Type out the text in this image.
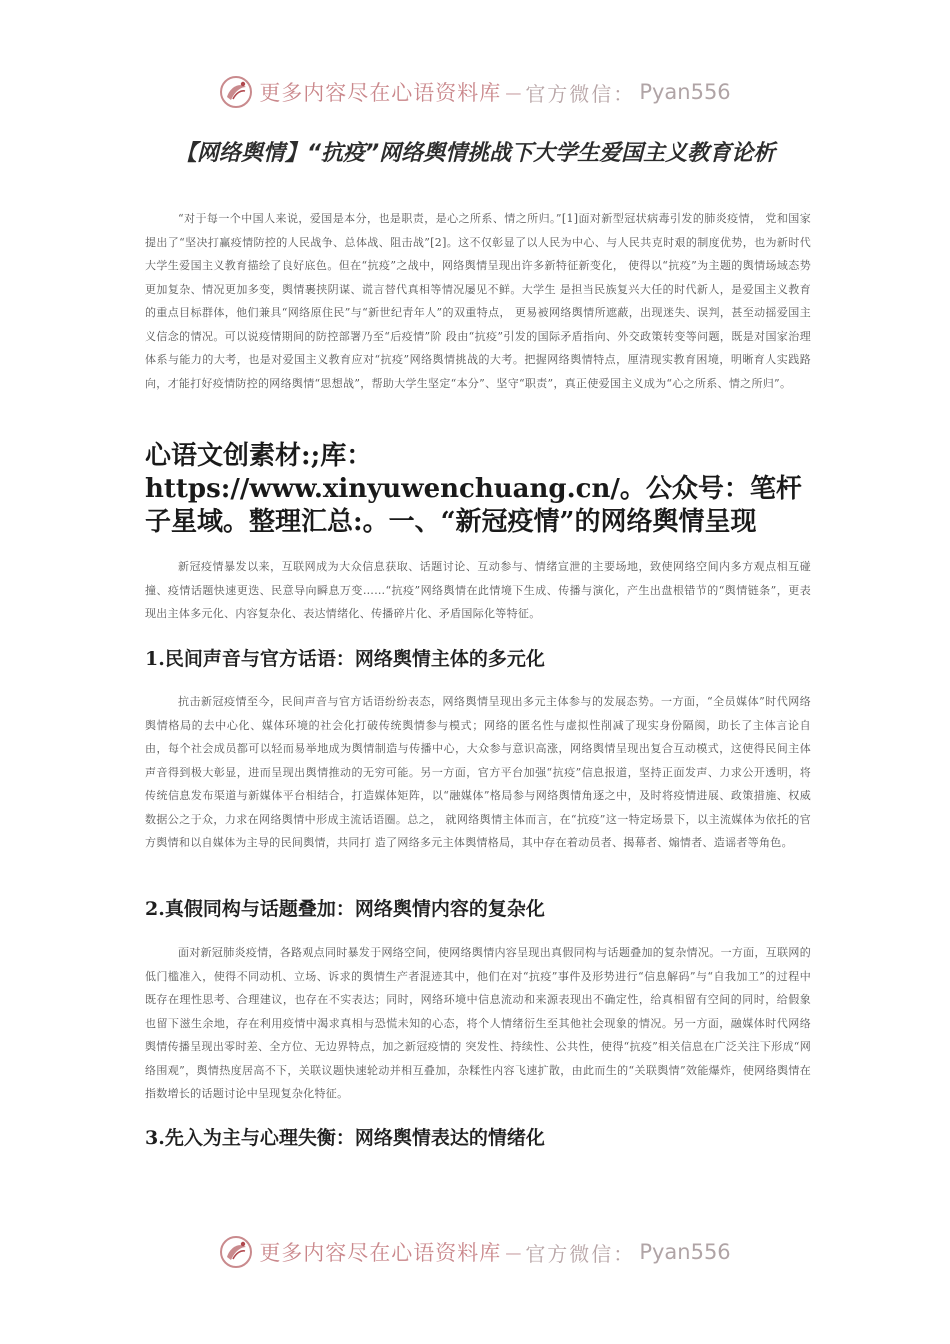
更多内容尽在心语资料库 — 官方微信： Pyan556
【网络舆情】“抗疫”网络舆情挑战下大学生爱国主义教育论析

“对于每一个中国人来说，爱国是本分，也是职责，是心之所系、情之所归。”[1]面对新型冠状病毒引发的肺炎疫情， 党和国家提出了“坚决打赢疫情防控的人民战争、总体战、阻击战”[2]。这不仅彰显了以人民为中心、与人民共克时艰的制度优势，也为新时代大学生爱国主义教育描绘了良好底色。但在“抗疫”之战中，网络舆情呈现出许多新特征新变化， 使得以“抗疫”为主题的舆情场域态势更加复杂、情况更加多变，舆情裹挟阴谋、谎言替代真相等情况屡见不鲜。大学生 是担当民族复兴大任的时代新人，是爱国主义教育的重点目标群体，他们兼具“网络原住民”与“新世纪青年人”的双重特点， 更易被网络舆情所遮蔽，出现迷失、误判，甚至动摇爱国主义信念的情况。可以说疫情期间的防控部署乃至“后疫情”阶 段由“抗疫”引发的国际矛盾指向、外交政策转变等问题，既是对国家治理体系与能力的大考，也是对爱国主义教育应对“抗疫”网络舆情挑战的大考。把握网络舆情特点，厘清现实教育困境，明晰育人实践路向，才能打好疫情防控的网络舆情“思想战”，帮助大学生坚定“本分”、坚守“职责”，真正使爱国主义成为“心之所系、情之所归”。

心语文创素材:;库：https://www.xinyuwenchuang.cn/。公众号：笔杆子星域。整理汇总:。一、“新冠疫情”的网络舆情呈现

新冠疫情暴发以来，互联网成为大众信息获取、话题讨论、互动参与、情绪宣泄的主要场地，致使网络空间内多方观点相互碰撞、疫情话题快速更迭、民意导向瞬息万变……“抗疫”网络舆情在此情境下生成、传播与演化，产生出盘根错节的“舆情链条”，更表现出主体多元化、内容复杂化、表达情绪化、传播碎片化、矛盾国际化等特征。

1.民间声音与官方话语：网络舆情主体的多元化

抗击新冠疫情至今，民间声音与官方话语纷纷表态，网络舆情呈现出多元主体参与的发展态势。一方面，“全员媒体”时代网络舆情格局的去中心化、媒体环境的社会化打破传统舆情参与模式；网络的匿名性与虚拟性削减了现实身份隔阂，助长了主体言论自由，每个社会成员都可以轻而易举地成为舆情制造与传播中心，大众参与意识高涨，网络舆情呈现出复合互动模式，这使得民间主体声音得到极大彰显，进而呈现出舆情推动的无穷可能。另一方面，官方平台加强“抗疫”信息报道，坚持正面发声、力求公开透明，将传统信息发布渠道与新媒体平台相结合，打造媒体矩阵，以“融媒体”格局参与网络舆情角逐之中，及时将疫情进展、政策措施、权威数据公之于众，力求在网络舆情中形成主流话语圈。总之， 就网络舆情主体而言，在“抗疫”这一特定场景下，以主流媒体为依托的官方舆情和以自媒体为主导的民间舆情，共同打 造了网络多元主体舆情格局，其中存在着动员者、揭幕者、煽情者、造谣者等角色。

2.真假同构与话题叠加：网络舆情内容的复杂化

面对新冠肺炎疫情，各路观点同时暴发于网络空间，使网络舆情内容呈现出真假同构与话题叠加的复杂情况。一方面，互联网的低门槛准入，使得不同动机、立场、诉求的舆情生产者混迹其中，他们在对“抗疫”事件及形势进行“信息解码”与“自我加工”的过程中既存在理性思考、合理建议，也存在不实表达；同时，网络环境中信息流动和来源表现出不确定性，给真相留有空间的同时，给假象也留下滋生余地，存在利用疫情中渴求真相与恐慌未知的心态，将个人情绪衍生至其他社会现象的情况。另一方面，融媒体时代网络舆情传播呈现出零时差、全方位、无边界特点，加之新冠疫情的 突发性、持续性、公共性，使得“抗疫”相关信息在广泛关注下形成“网络围观”，舆情热度居高不下，关联议题快速轮动并相互叠加，杂糅性内容飞速扩散，由此而生的“关联舆情”效能爆炸，使网络舆情在指数增长的话题讨论中呈现复杂化特征。

3.先入为主与心理失衡：网络舆情表达的情绪化
更多内容尽在心语资料库 — 官方微信： Pyan556
